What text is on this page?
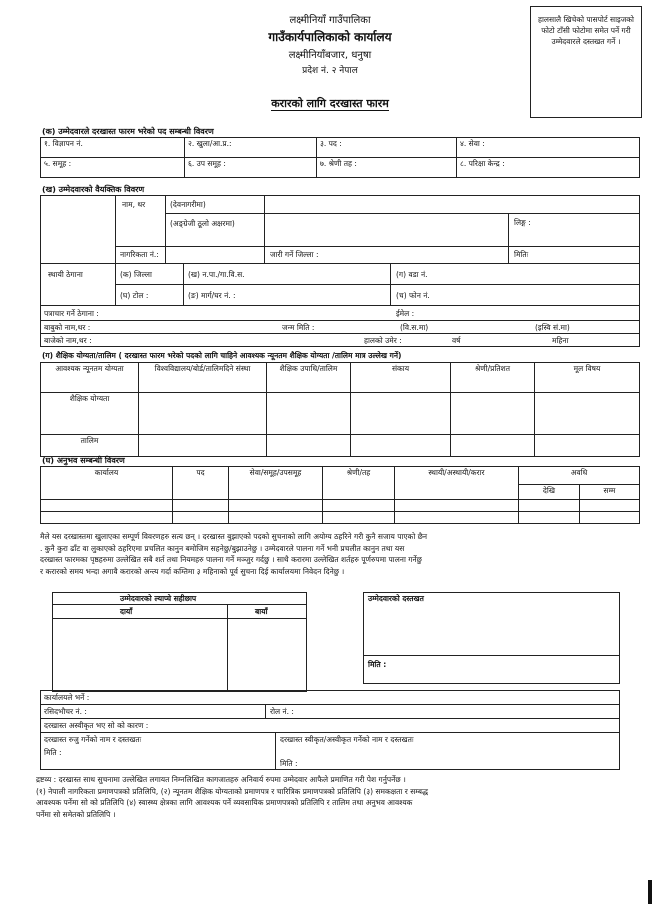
लक्ष्मीनियाँ गाउँपालिका
गाउँकार्यपालिकाको कार्यालय
लक्ष्मीनियाँबजार, धनुषा
प्रदेश नं. २ नेपाल
हालसालै खिचेको पासपोर्ट साइजको फोटो टाँसी फोटोमा समेत पर्ने गरी उम्मेदवारले दस्तखत गर्ने ।
करारको लागि दरखास्त फारम
(क) उम्मेदवारले दरखास्त फारम भरेको पद सम्बन्धी विवरण
१. विज्ञापन नं.	२. खुला/आ.प्र.:	३. पद :	४. सेवा :
५. समूह :	६. उप समूह :	७. श्रेणी तह :	८. परिक्षा केन्द्र :
(ख) उम्मेदवारको वैयक्तिक विवरण
नाम, थर	(देवनागरीमा)
(अङ्ग्रेजी ठूलो अक्षरमा)	लिङ्ग :
नागरिकता नं.:	जारी गर्ने जिल्ला :	मितिः
स्थायी ठेगाना	(क) जिल्ला	(ख) न.पा./गा.वि.स.	(ग) वडा नं.
(घ) टोल :	(ङ) मार्ग/घर नं. :	(च) फोन नं.
पत्राचार गर्ने ठेगाना :	ईमेल :
बाबुको नाम,थर :	जन्म मिति :	(वि.स.मा)	(इस्वि सं.मा)
बाजेको नाम,थर :	हालको उमेर :	वर्ष	महिना
(ग) शैक्षिक योग्यता/तालिम ( दरखास्त फारम भरेको पदको लागि चाहिने आवश्यक न्यूनतम शैक्षिक योग्यता /तालिम मात्र उल्लेख गर्ने)
आवश्यक न्यूनतम योग्यता	विश्वविद्यालय/बोर्ड/तालिमदिने संस्था	शैक्षिक उपाधि/तालिम	संकाय	श्रेणी/प्रतिशत	मूल विषय
शैक्षिक योग्यता					
तालिम					
(घ) अनुभव सम्बन्धी विवरण
कार्यालय	पद	सेवा/समूह/उपसमूह	श्रेणी/तह	स्थायी/अस्थायी/करार	अवधि	
					देखि	सम्म

मैले यस दरखास्तमा खुलाएका सम्पूर्ण विवरणहरु सत्य छन् । दरखास्त बुझाएको पदको सुचनाको लागि अयोग्य ठहरिने गरी कुनै सजाय पाएको छैन
. कुनै कुरा ढाँट वा लुकाएको ठहरिएमा प्रचलित कानुन बमोजिम सहनेछु/बुझाउनेछु । उम्मेदवारले पालना गर्ने भनी प्रचलीत कानुन तथा यस
दरखास्त फारमका पृष्ठहरुमा उल्लेखित सबै शर्त तथा नियमहरु पालना गर्ने मञ्जुर गर्दछु । साथै करारमा उल्लेखित शर्तहरु पूर्णरुपमा पालना गर्नेछु
र करारको समय भन्दा अगावै करारको अन्त्य गर्दा कम्तिमा ३ महिनाको पूर्व सुचना दिई कार्यालयमा निवेदन दिनेछु ।
उम्मेदवारको ल्याप्चे सहीछाप
दायाँ	बायाँ
उम्मेदवारको दस्तखत
मिति :
कार्यालयले भर्ने :
रसिदभौचर नं. :	रोल नं. :
दरखास्त अस्वीकृत भए सो को कारण :
दरखास्त रुजु गर्नेको नाम र दस्तखतः
मिति :
दरखास्त स्वीकृत/अस्वीकृत गर्नेको नाम र दस्तखतः
मिति :
द्रष्टव्य : दरखास्त साथ सुचनामा उल्लेखित लगायत निम्नलिखित कागजातहरु अनिवार्य रुपमा उम्मेदवार आफैले प्रमाणित गरी पेश गर्नुपर्नेछ ।
(१) नेपाली नागरिकता प्रमाणपत्रको प्रतिलिपि, (२) न्यूनतम शैक्षिक योग्यताको प्रमाणपत्र र चारित्रिक प्रमाणपत्रको प्रतिलिपि (३) समकक्षता र सम्बद्ध
आवश्यक पर्नेमा सो को प्रतिलिपि (४) स्वास्थ्य क्षेत्रका लागि आवश्यक पर्ने व्यवसायिक प्रमाणपत्रको प्रतिलिपि र तालिम तथा अनुभव आवश्यक
पर्नेमा सो समेतको प्रतिलिपि ।
